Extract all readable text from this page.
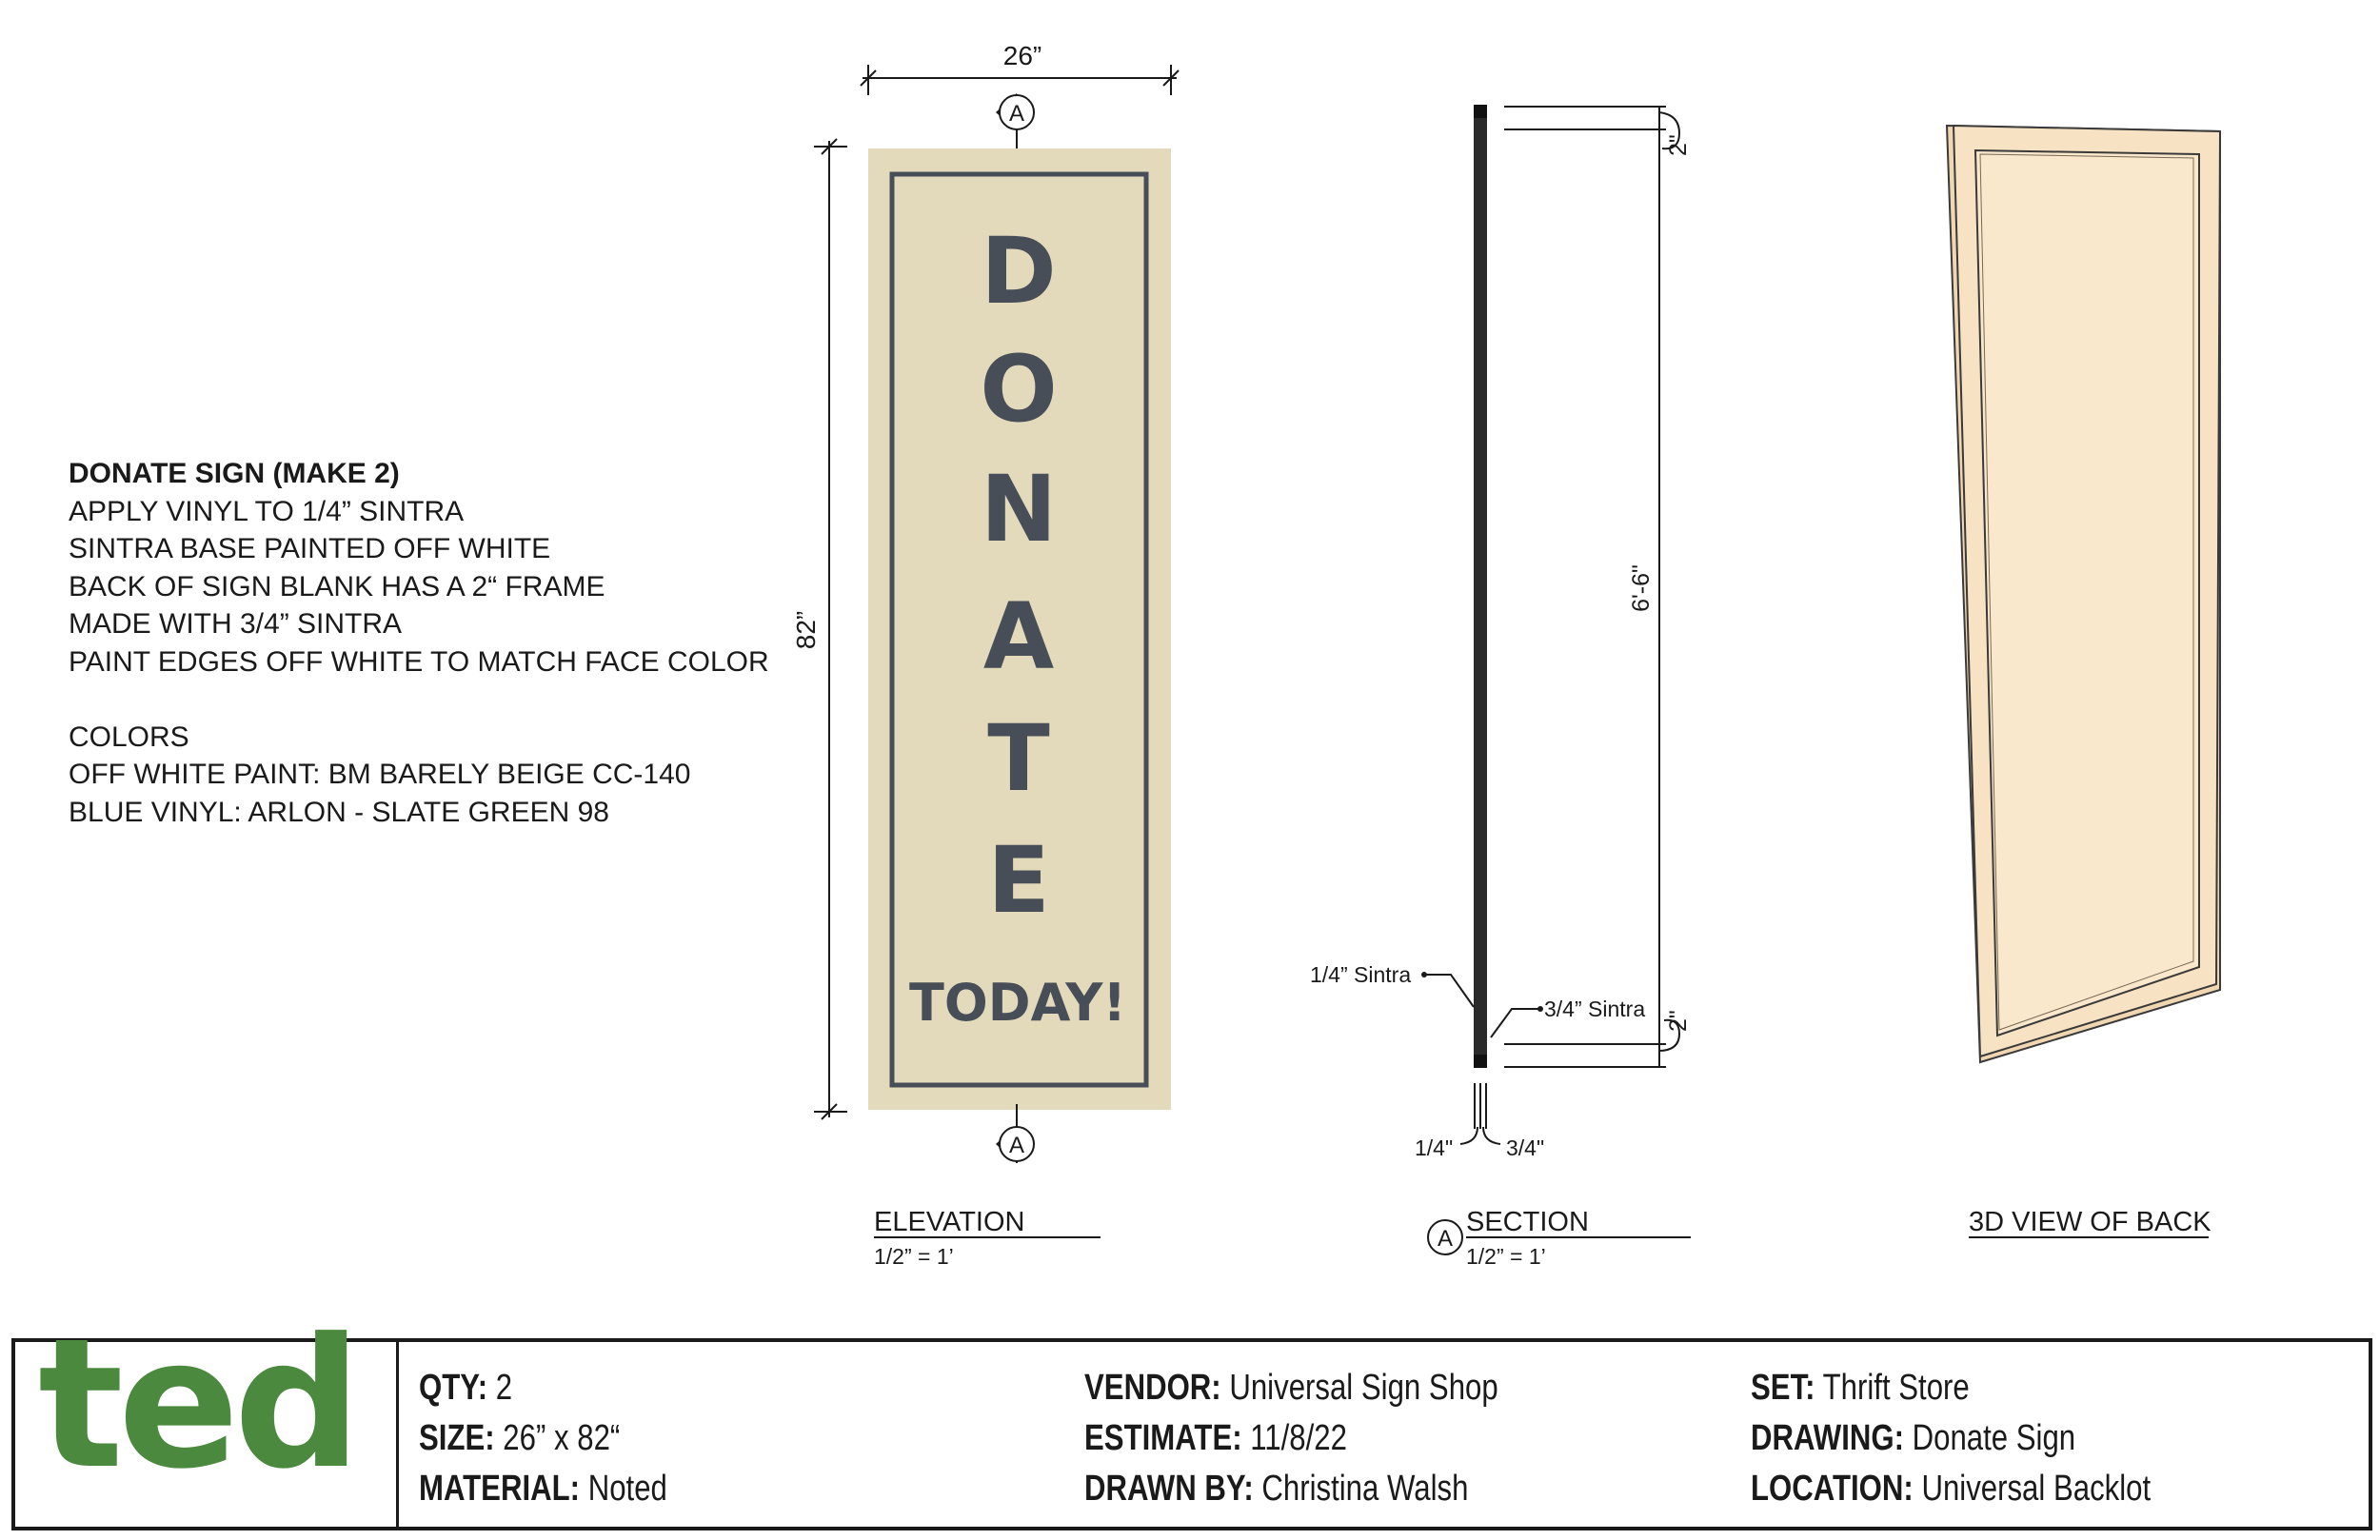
DONATE SIGN (MAKE 2)
APPLY VINYL TO 1/4” SINTRA
SINTRA BASE PAINTED OFF WHITE
BACK OF SIGN BLANK HAS A 2“ FRAME
MADE WITH 3/4” SINTRA
PAINT EDGES OFF WHITE TO MATCH FACE COLOR
COLORS
OFF WHITE PAINT: BM BARELY BEIGE CC-140
BLUE VINYL: ARLON - SLATE GREEN 98
26”
82”
A
D
O
N
A
T
E
TODAY!
A
ELEVATION
1/2” = 1’
6'-6"
2"
2"
1/4” Sintra
3/4” Sintra
1/4" 3/4"
A
SECTION
1/2” = 1’
3D VIEW OF BACK
ted QTY: 2
SIZE: 26” x 82“
MATERIAL: Noted
VENDOR: Universal Sign Shop
ESTIMATE: 11/8/22
DRAWN BY: Christina Walsh
SET: Thrift Store
DRAWING: Donate Sign
LOCATION: Universal Backlot
